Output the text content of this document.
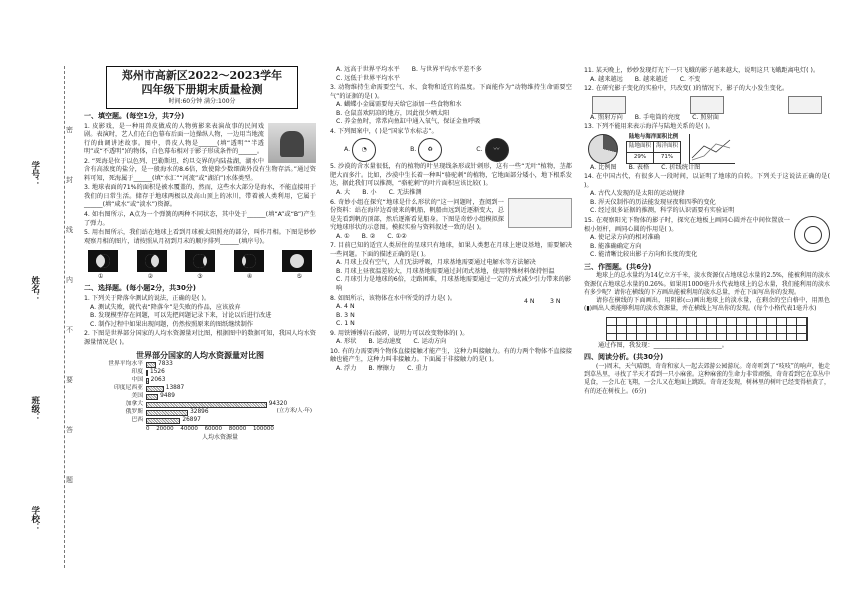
学号：
姓名：
班级：
学校：
密
封
线
内
不
要
答
题
郑州市高新区2022～2023学年
四年级下册期末质量检测
时间:60分钟 满分:100分
一、填空题。(每空1分，共7分)
1. 皮影戏，是一种用兽皮做成的人物剪影来表演故事的民间戏剧。表演时，艺人们在白色幕布后面一边操纵人物，一边用当地流行的曲调讲述故事。图中，兽皮人物是______(填“透明”“半透明”或“不透明”)的物体，白色幕布相对于影子形成条件的______。
2. “死海是位于以色列、巴勒斯坦、约旦交界的内陆盐湖，湖水中含有高浓度的盐分，是一般海水的8.6倍，致使除少数细菌外没有生物存活。”通过资料可知，死海属于______(填“水汇”“河流”或“湖泊”)水体类型。
3. 地球表面的71%的面积是被水覆盖的，然而，这些水大部分是海水，不能直接用于我们的日常生活。储存于地球两极以及高山顶上的冰川，带着被人类利用，它属于______(填“咸水”或“淡水”)资源。
4. 如右图所示，A点为一个弹簧的两种不同状态，其中处于______(填“A”或“B”)产生了弹力。
5. 用右图所示，我们站在地球上看到月球被太阳照亮的部分，叫作月相。下图是妙妙观察月相的图片，请按照从月初到月末的顺序排列______(填序号)。
①	②	③	④	⑤
二、选择题。(每小题2分，共30分)
1. 下列关于降落伞测试的说法，正确的是( )。
A. 测试失败，就代表“降落伞”是失败的作品，应该放弃
B. 发现模型存在问题，可以先把问题记录下来，讨论以后进行改进
C. 制作过程中如果出现问题，仍然按照原来的图纸继续制作
2. 下图是世界部分国家的人均水资源量对比图，根据图中的数据可知，我国人均水资源量情况是( )。
世界部分国家的人均水资源量对比图
世界平均水平	7833
印度	1526
中国	2063
印度尼西亚	13887
美国	9489
加拿大	94320
俄罗斯	32896
巴西	26897
0 20000 40000 60000 80000 100000
人均水资源量
(立方米/人·年)
A. 远高于世界平均水平 B. 与世界平均水平差不多
C. 远低于世界平均水平
3. 动物维持生命需要空气、水、食物和适宜的温度。下面能作为“动物维持生命需要空气”的证据的是( )。
A. 蝴蝶小金属需要每天给它添加一些食物和水
B. 仓鼠喜欢阴凉的地方，因此很少晒太阳
C. 养金鱼时，常常向鱼缸中通入氧气，保证金鱼呼吸
4. 下列图案中，( )是“国家节水标志”。
A. ◔	B. ♻	C. 〰
5. 沙漠的含水量很低，有的植物的叶呈现线条形或针刺形，这有一些“无叶”植物，茎都肥大而多汁。比如，沙漠中生长着一种叫“骆驼刺”的植物，它地面部分矮小，地下根系发达，据此我们可以推测，“骆驼刺”的叶片面积应该比较( )。
A. 大 B. 小 C. 无法推测
6. 奇妙小组在探究“地球是什么形状的”这一问题时，查阅到一份资料：站在海岸边看驶来的帆船，帆船由远到近逐渐变大，总是先看到帆的顶部，然后逐渐看见船身。下图是奇妙小组模拟探究地球形状的示意图。模拟实验与资料叙述一致的是( )。
A. ① B. ② C. ①②
7. 目前已知的适宜人类居住的星球只有地球，如果人类想在月球上建设基地，需要解决一些问题。下面的描述正确的是( )。
A. 月球上没有空气，人们无法呼吸，月球基地需要通过电解水等方法解决
B. 月球上昼夜温差较大，月球基地需要通过封闭式基地，使用特殊材料保持恒温
C. 月球引力是地球的6倍，走路困难，月球基地需要通过一定的方式减少引力带来的影响
4 N 3 N
8. 如图所示，该物体在水中所受的浮力是( )。
A. 4 N
B. 3 N
C. 1 N
9. 用铁锤锤岩石敲碎，说明力可以改变物体的( )。
A. 形状 B. 运动速度 C. 运动方向
10. 有的力需要两个物体直接接触才能产生，这种力叫接触力。有的力两个物体不直接接触也能产生，这种力叫非接触力。下面属于非接触力的是( )。
A. 浮力 B. 摩擦力 C. 重力
11. 某天晚上，妙妙发现灯光下一只飞蛾的影子越来越大，说明这只飞蛾距离电灯( )。
A. 越来越远 B. 越来越近 C. 不变
12. 在研究影子变化的实验中，只改变( )的情况下，影子的大小发生变化。
A. 照射方向 B. 手电筒的亮度 C. 照射面
13. 下列不能用来表示海洋与陆地关系的是( )。
陆地与海洋面积比例
陆地面积	海洋面积
29%	71%
A. 比例图 B. 表格 C. 折线统计图
14. 在中国古代，有很多人一段时间，以证明了地球的自转。下列关于这说法正确的是( )。
A. 古代人发现的是太阳的运动规律
B. 浑天仪制作的历法能发现昼夜和四季的变化
C. 经过很多证据的推测，科学的认识需要有实验证明
15. 在观察阳光下物体的影子时，探究在地板上画同心圆并在中间位置放一根小短杆，画同心圆的作用是( )。
A. 使记录方向的相对准确
B. 能准确确定方向
C. 能清晰比较出影子方向和长度的变化
三、作图题。(共6分)
地球上的总水量约为14亿立方千米，淡水资源仅占地球总水量的2.5%，能被利用的淡水资源仅占地球总水量的0.26%。如果用1000毫升水代表地球上的总水量，我们能利用的淡水有多少呢？请你在横线的下方画出能被利用的淡水总量，并在下面写出你的发现。
请你在横线的下面画出，用阴影(▭)画出地球上的淡水量，在剩余的空白格中，用黑色(▮)画出人类能够利用的淡水资源量，并在横线上写出你的发现。(每个小格代表1毫升水)
通过作图，我发现：______________________。
四、阅读分析。(共30分)
(一)周末，天气晴朗，奇奇和家人一起去郊游公园游玩。奇奇听到了“吱吱”的响声，他走到草丛里，寻找了半天才看到一只小麻雀。这种麻雀的生命力非常顽强，奇奇看到它在草丛中觅食，一会儿在飞翔，一会儿又在地面上跳跃。奇奇还发现，树林里的树叶已经变得枯黄了，有的还在树枝上。(6分)
